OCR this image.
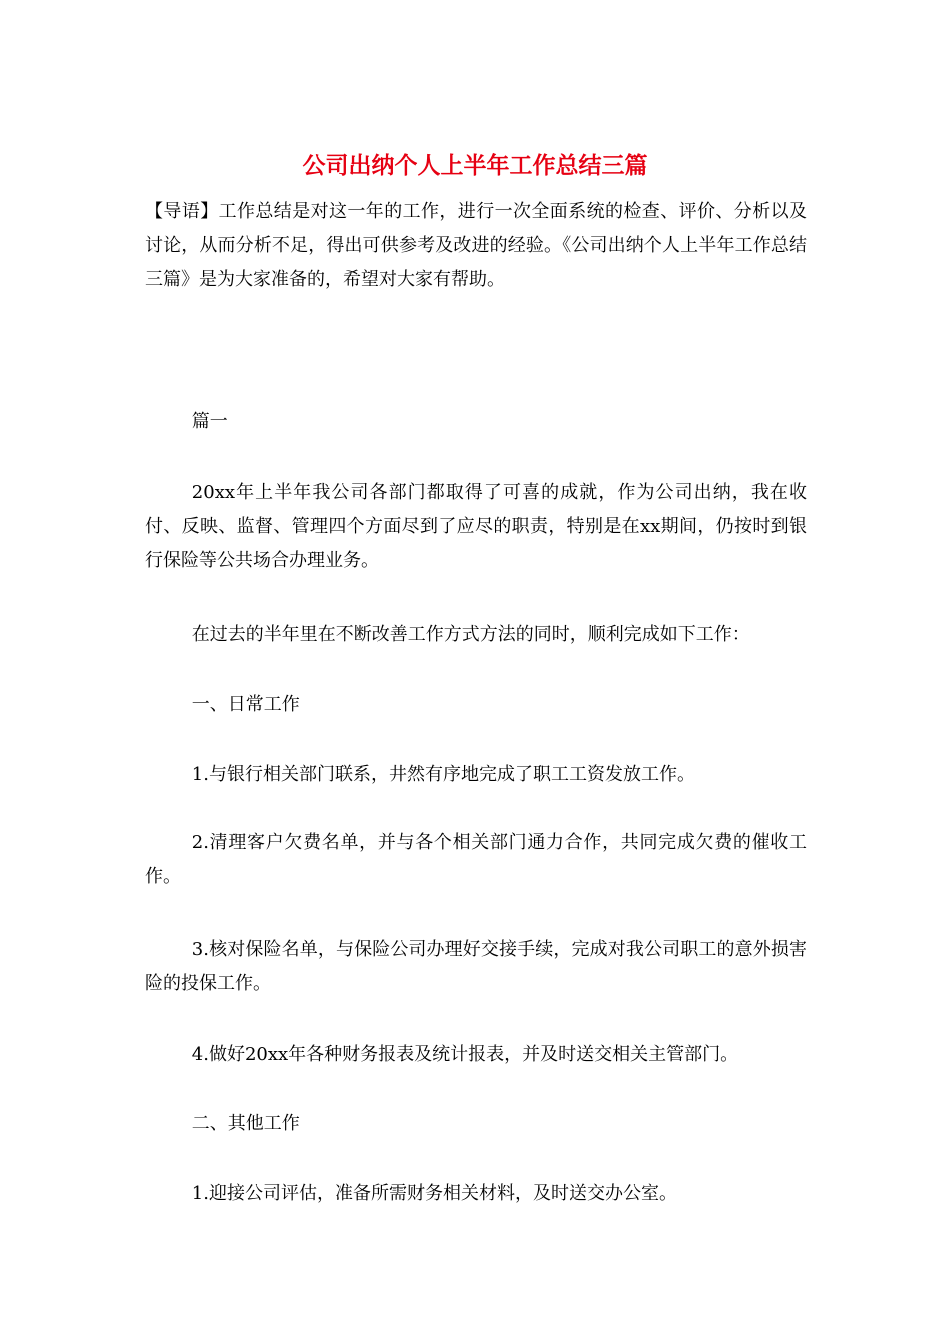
公司出纳个人上半年工作总结三篇

【导语】工作总结是对这一年的工作，进行一次全面系统的检查、评价、分析以及讨论，从而分析不足，得出可供参考及改进的经验。《公司出纳个人上半年工作总结三篇》是为大家准备的，希望对大家有帮助。

篇一

20xx年上半年我公司各部门都取得了可喜的成就，作为公司出纳，我在收付、反映、监督、管理四个方面尽到了应尽的职责，特别是在xx期间，仍按时到银行保险等公共场合办理业务。

在过去的半年里在不断改善工作方式方法的同时，顺利完成如下工作：

一、日常工作

1.与银行相关部门联系，井然有序地完成了职工工资发放工作。

2.清理客户欠费名单，并与各个相关部门通力合作，共同完成欠费的催收工作。

3.核对保险名单，与保险公司办理好交接手续，完成对我公司职工的意外损害险的投保工作。

4.做好20xx年各种财务报表及统计报表，并及时送交相关主管部门。

二、其他工作

1.迎接公司评估，准备所需财务相关材料，及时送交办公室。
